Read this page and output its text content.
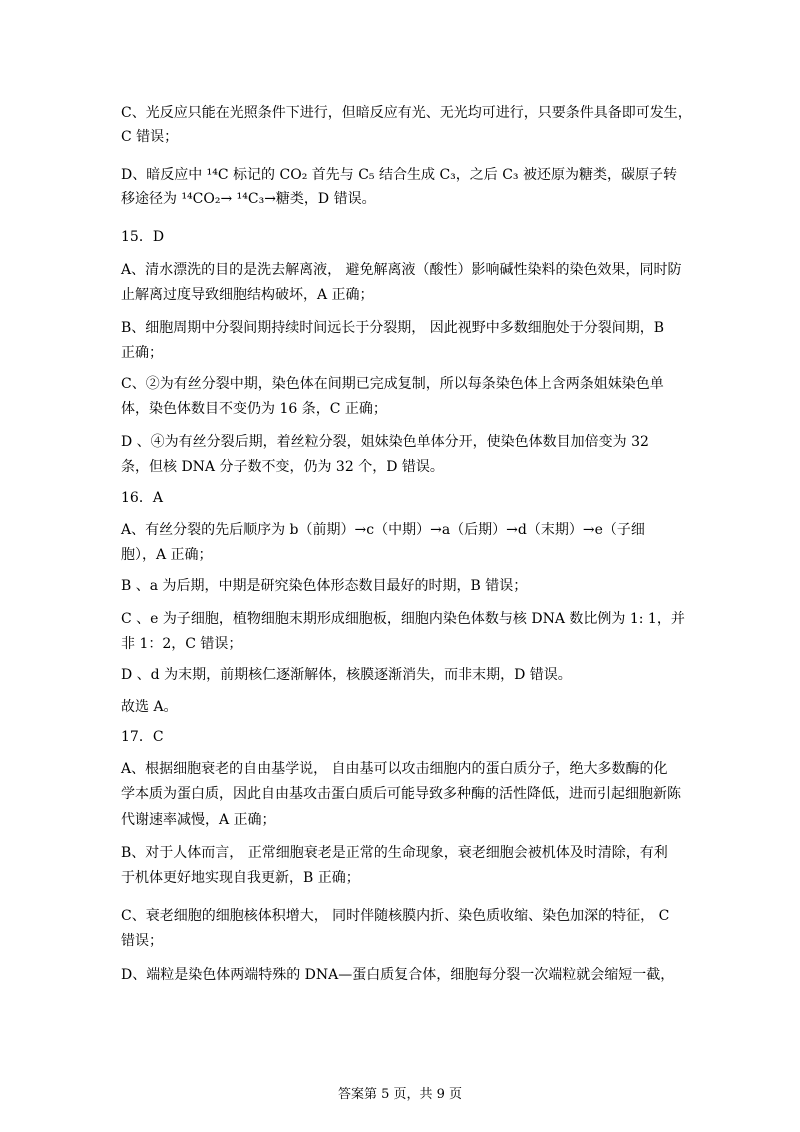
C、光反应只能在光照条件下进行，但暗反应有光、无光均可进行，只要条件具备即可发生，
C 错误；
D、暗反应中 ¹⁴C 标记的 CO₂ 首先与 C₅ 结合生成 C₃，之后 C₃ 被还原为糖类，碳原子转
移途径为 ¹⁴CO₂→ ¹⁴C₃→糖类，D 错误。
15．D
A、清水漂洗的目的是洗去解离液， 避免解离液（酸性）影响碱性染料的染色效果，同时防
止解离过度导致细胞结构破坏，A 正确；
B、细胞周期中分裂间期持续时间远长于分裂期， 因此视野中多数细胞处于分裂间期，B
正确；
C、②为有丝分裂中期，染色体在间期已完成复制，所以每条染色体上含两条姐妹染色单
体，染色体数目不变仍为 16 条，C 正确；
D 、④为有丝分裂后期，着丝粒分裂，姐妹染色单体分开，使染色体数目加倍变为 32
条，但核 DNA 分子数不变，仍为 32 个，D 错误。
16．A
A、有丝分裂的先后顺序为 b（前期）→c（中期）→a（后期）→d（末期）→e（子细
胞），A 正确；
B 、a 为后期，中期是研究染色体形态数目最好的时期，B 错误；
C 、e 为子细胞，植物细胞末期形成细胞板，细胞内染色体数与核 DNA 数比例为 1: 1，并
非 1：2，C 错误；
D 、d 为末期，前期核仁逐渐解体，核膜逐渐消失，而非末期，D 错误。
故选 A。
17．C
A、根据细胞衰老的自由基学说， 自由基可以攻击细胞内的蛋白质分子，绝大多数酶的化
学本质为蛋白质，因此自由基攻击蛋白质后可能导致多种酶的活性降低，进而引起细胞新陈
代谢速率减慢，A 正确；
B、对于人体而言， 正常细胞衰老是正常的生命现象，衰老细胞会被机体及时清除，有利
于机体更好地实现自我更新，B 正确；
C、衰老细胞的细胞核体积增大， 同时伴随核膜内折、染色质收缩、染色加深的特征， C
错误；
D、端粒是染色体两端特殊的 DNA—蛋白质复合体，细胞每分裂一次端粒就会缩短一截，
答案第 5 页，共 9 页
